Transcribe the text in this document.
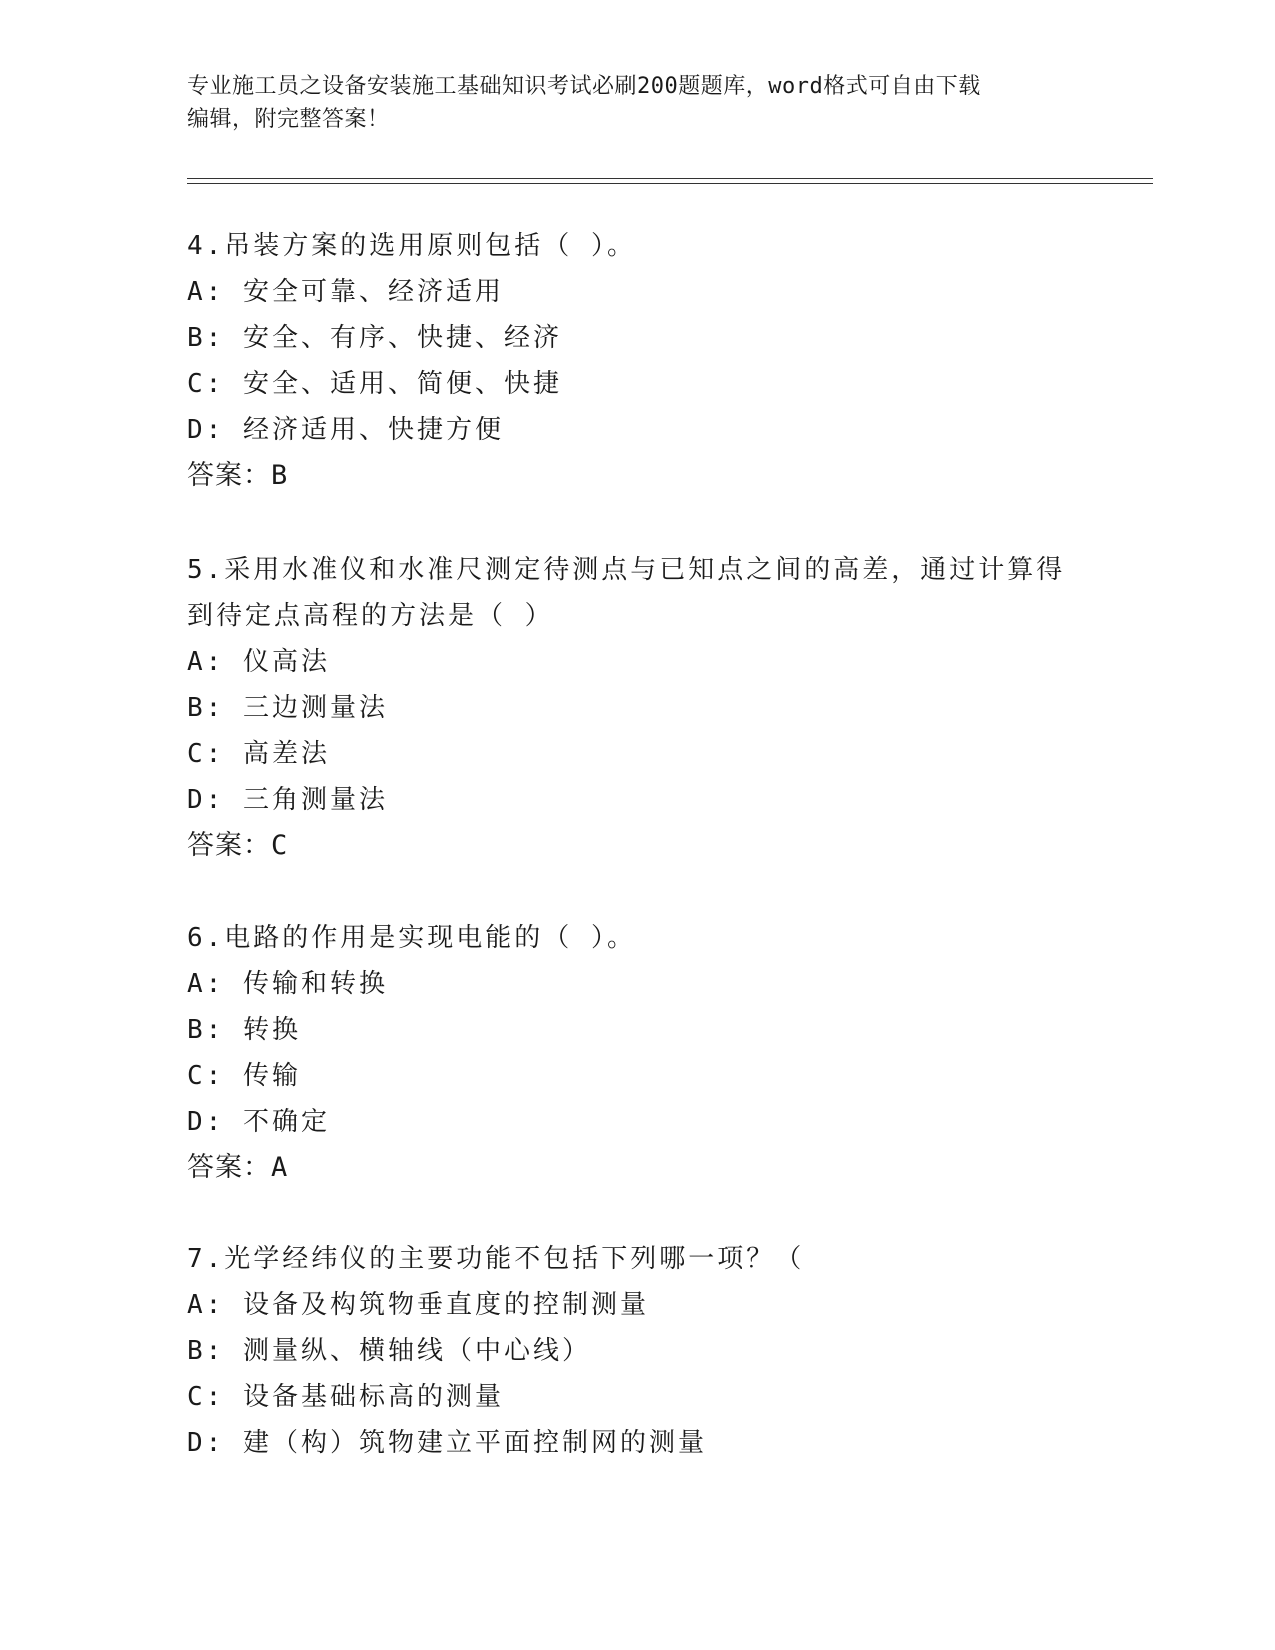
专业施工员之设备安装施工基础知识考试必刷200题题库，word格式可自由下载
编辑，附完整答案！
4.吊装方案的选用原则包括（ ）。
A: 安全可靠、经济适用
B: 安全、有序、快捷、经济
C: 安全、适用、简便、快捷
D: 经济适用、快捷方便
答案：B
5.采用水准仪和水准尺测定待测点与已知点之间的高差，通过计算得
到待定点高程的方法是（ ）
A: 仪高法
B: 三边测量法
C: 高差法
D: 三角测量法
答案：C
6.电路的作用是实现电能的（ ）。
A: 传输和转换
B: 转换
C: 传输
D: 不确定
答案：A
7.光学经纬仪的主要功能不包括下列哪一项？（
A: 设备及构筑物垂直度的控制测量
B: 测量纵、横轴线（中心线）
C: 设备基础标高的测量
D: 建（构）筑物建立平面控制网的测量
